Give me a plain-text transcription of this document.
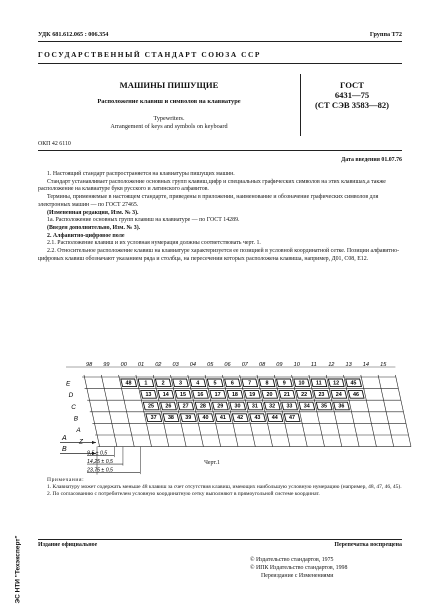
УДК 681.612.065 : 006.354	Группа Т72
ГОСУДАРСТВЕННЫЙ СТАНДАРТ СОЮЗА ССР
МАШИНЫ ПИШУЩИЕ
Расположение клавиш и символов на клавиатуре
Typewriters.
Arrangement of keys and symbols on keyboard
ГОСТ
6431—75
(СТ СЭВ 3583—82)
ОКП 42 6110
Дата введения 01.07.76
1. Настоящий стандарт распространяется на клавиатуры пишущих машин.
Стандарт устанавливает расположение основных групп клавиш,цифр и специальных графических символов на этих клавишах,а также расположение на клавиатуре букв русского и латинского алфавитов.
Термины, применяемые в настоящем стандарте, приведены в приложении, наименование и обозначение графических символов для электронных машин — по ГОСТ 27465.
(Измененная редакция, Изм. № 3).
1а. Расположение основных групп клавиш на клавиатуре — по ГОСТ 14289.
(Введен дополнительно, Изм. № 3).
2. Алфавитно-цифровое поле
2.1. Расположение клавиш и их условная нумерация должны соответствовать черт. 1.
2.2. Относительное расположение клавиш на клавиатуре характеризуется ее позицией в условной координатной сетке. Позиции алфавитно-цифровых клавиш обозначают указанием ряда и столбца, на пересечении которых расположена клавиша, например, Д01, С08, Е12.
98 99 00 01 02 03 04 05 06 07 08 09 10 11 12 13 14 15
E
D
C
B
A
Z
48 1	2	3	4	5	6	7	8	9 10 11 12 45
13 14 15 16 17 18 19 20 21 22 23 24 46
25 26 27 28 29 30 31 32 33 34 35 36
37 38 39 40 41 42 43 44 47
A
B
9,5 ± 0,5
14,25 ± 0,5
23,75 ± 0,5
Черт.1
Примечания:
1. Клавиатуру может содержать меньше 48 клавиш за счет отсутствия клавиш, имеющих наибольшую условную нумерацию (например, 48, 47, 46, 45).
2. По согласованию с потребителем условную координатную сетку выполняют в прямоугольной системе координат.
Издание официальное	Перепечатка воспрещена
© Издательство стандартов, 1975
© ИПК Издательство стандартов, 1998
Переиздание с Изменениями
ЭС НТИ "Техэксперт"
